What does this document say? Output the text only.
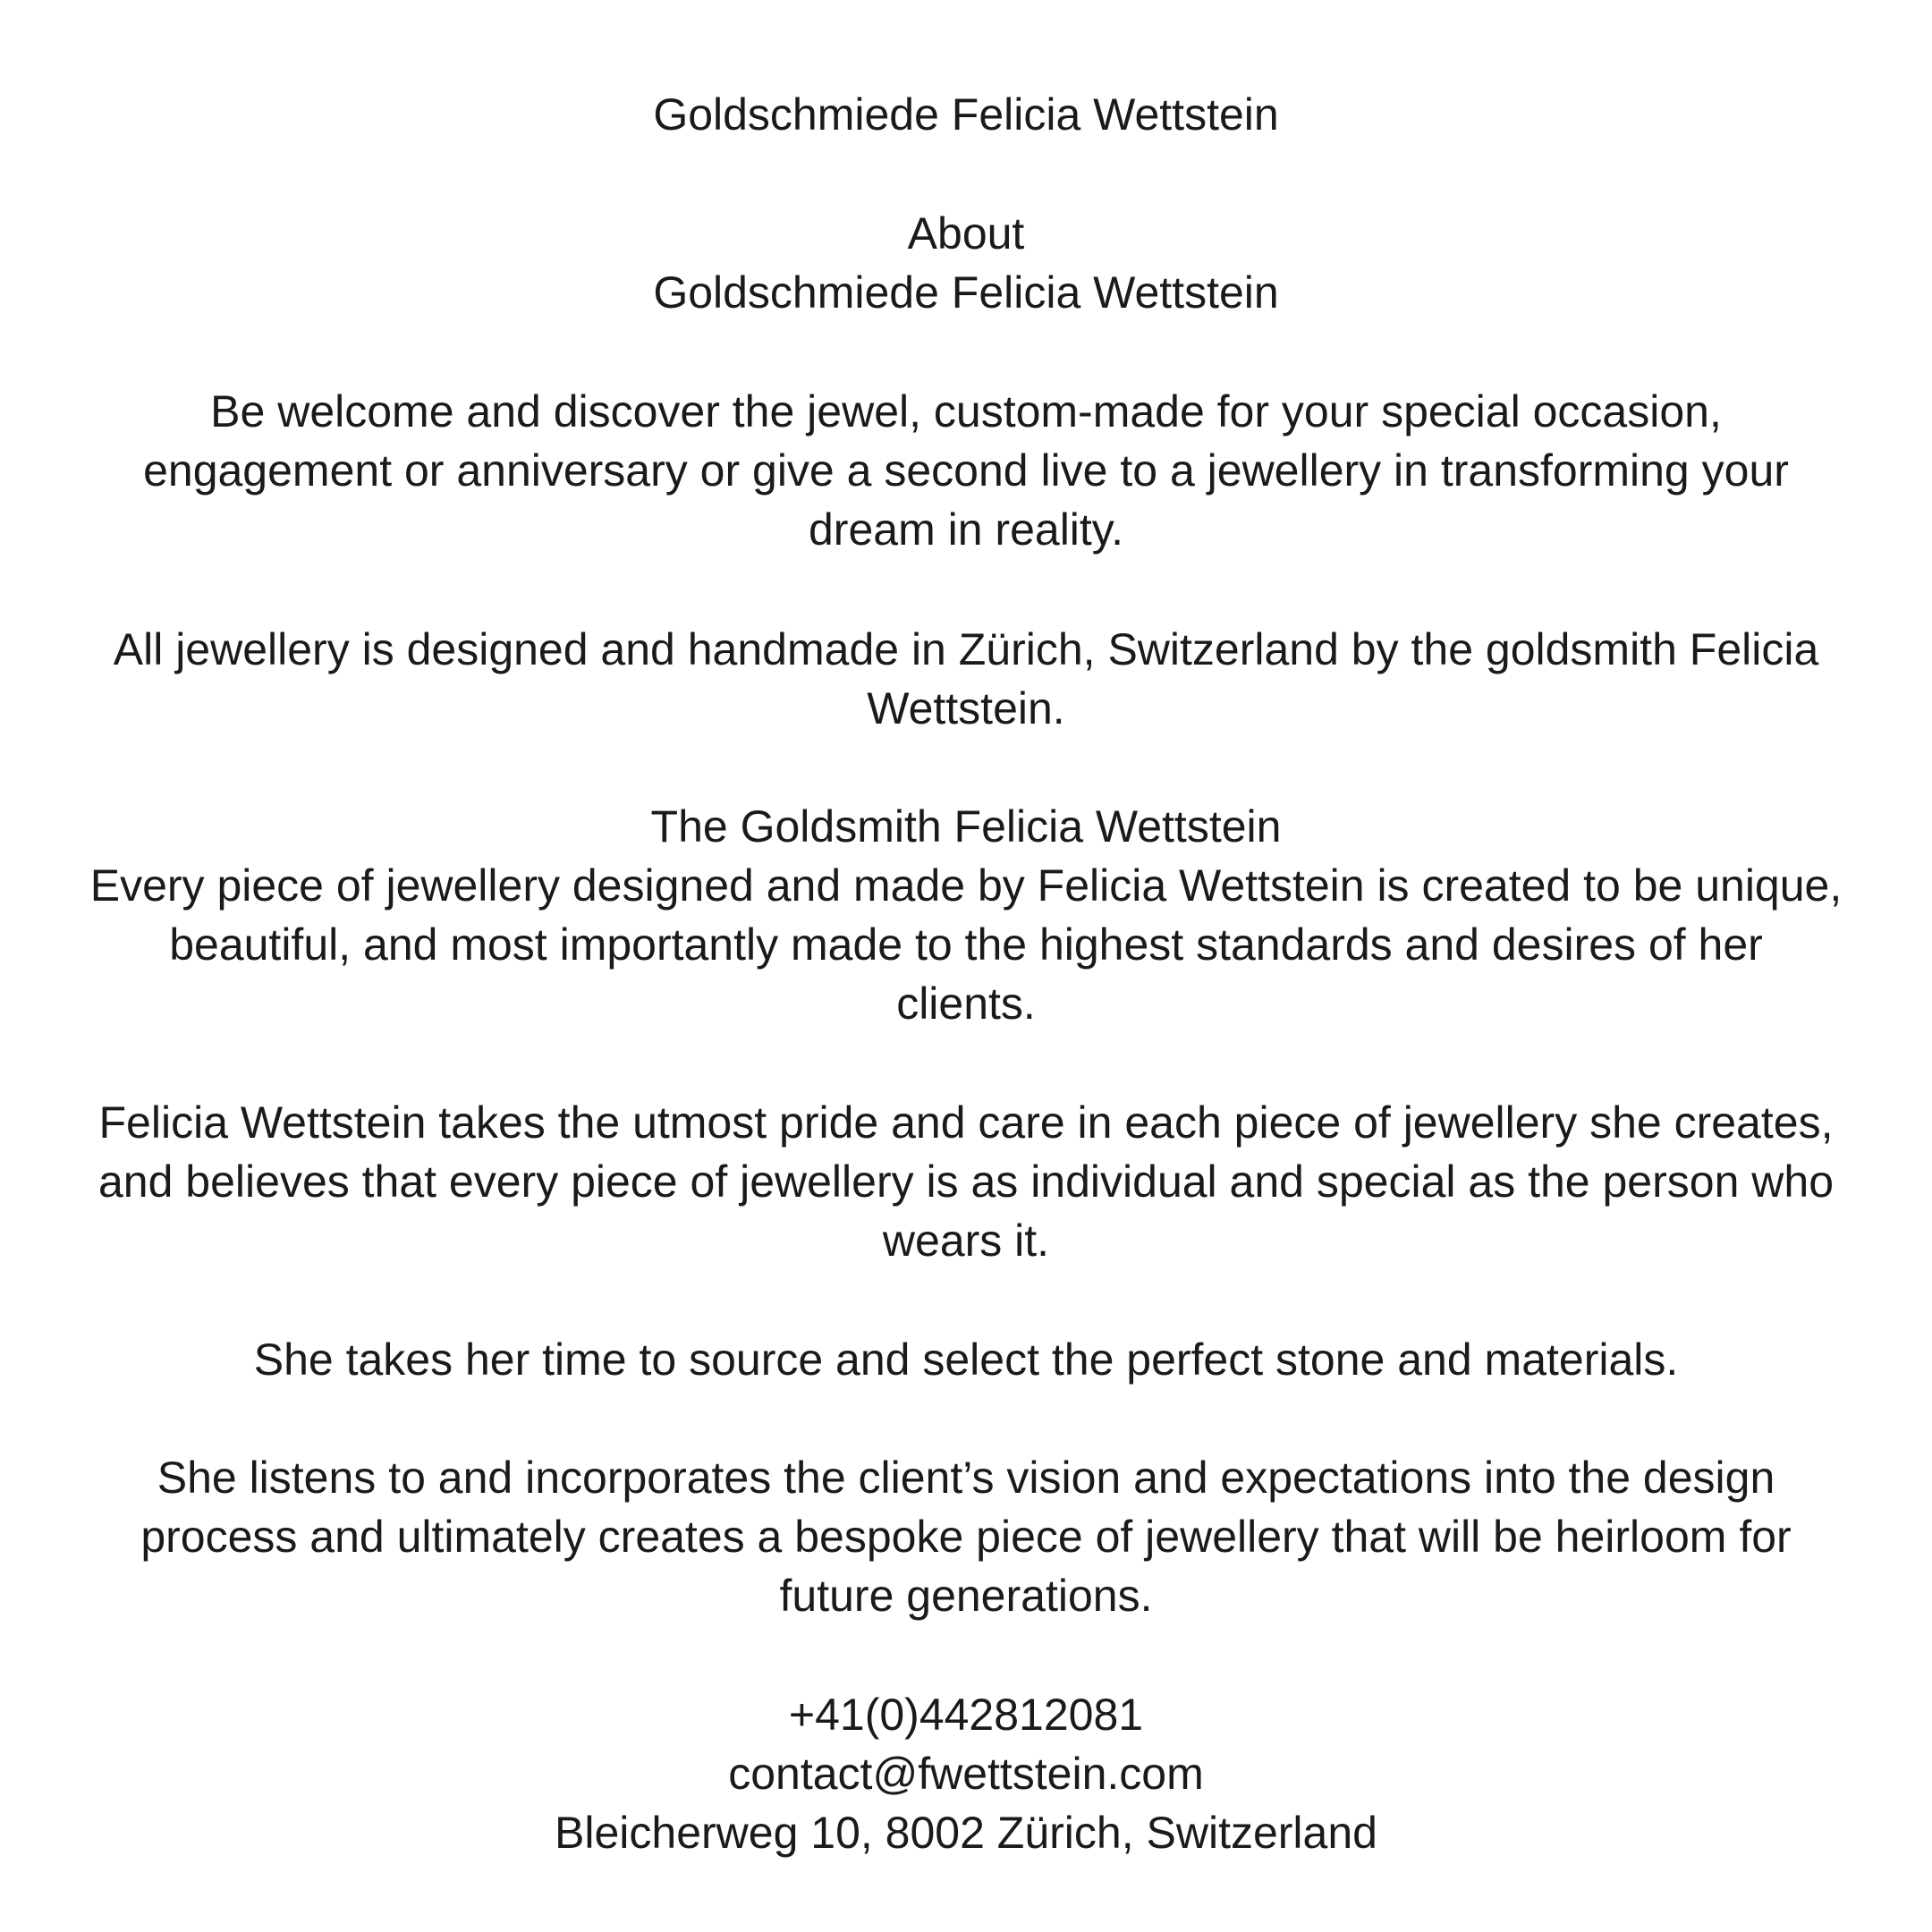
Goldschmiede Felicia Wettstein
About
Goldschmiede Felicia Wettstein

Be welcome and discover the jewel, custom-made for your special occasion,
engagement or anniversary or give a second live to a jewellery in transforming your
dream in reality.

All jewellery is designed and handmade in Zürich, Switzerland by the goldsmith Felicia
Wettstein.

The Goldsmith Felicia Wettstein
Every piece of jewellery designed and made by Felicia Wettstein is created to be unique,
beautiful, and most importantly made to the highest standards and desires of her
clients.

Felicia Wettstein takes the utmost pride and care in each piece of jewellery she creates,
and believes that every piece of jewellery is as individual and special as the person who
wears it.

She takes her time to source and select the perfect stone and materials.

She listens to and incorporates the client’s vision and expectations into the design
process and ultimately creates a bespoke piece of jewellery that will be heirloom for
future generations.

+41(0)442812081
contact@fwettstein.com
Bleicherweg 10, 8002 Zürich, Switzerland
